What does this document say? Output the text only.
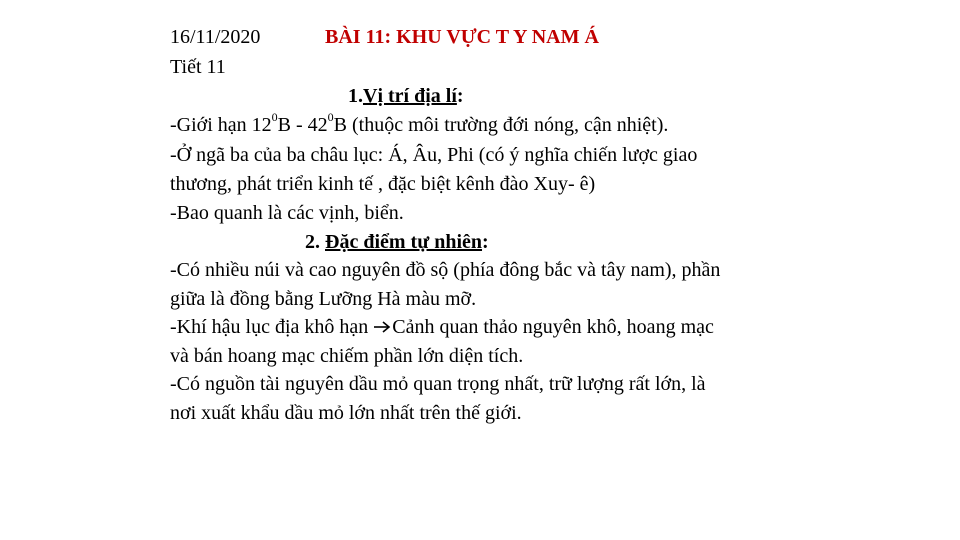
16/11/2020	BÀI 11: KHU VỰC T Y NAM Á
Tiết 11
1.Vị trí địa lí:
-Giới hạn $12^0B - 42^0B$ (thuộc môi trường đới nóng, cận nhiệt).
-Ở ngã ba của ba châu lục: Á, Âu, Phi (có ý nghĩa chiến lược giao
thương, phát triển kinh tế , đặc biệt kênh đào Xuy- ê)
-Bao quanh là các vịnh, biển.
2. Đặc điểm tự nhiên:
-Có nhiều núi và cao nguyên đồ sộ (phía đông bắc và tây nam), phần
giữa là đồng bằng Lưỡng Hà màu mỡ.
-Khí hậu lục địa khô hạn Cảnh quan thảo nguyên khô, hoang mạc
và bán hoang mạc chiếm phần lớn diện tích.
-Có nguồn tài nguyên dầu mỏ quan trọng nhất, trữ lượng rất lớn, là
nơi xuất khẩu dầu mỏ lớn nhất trên thế giới.
